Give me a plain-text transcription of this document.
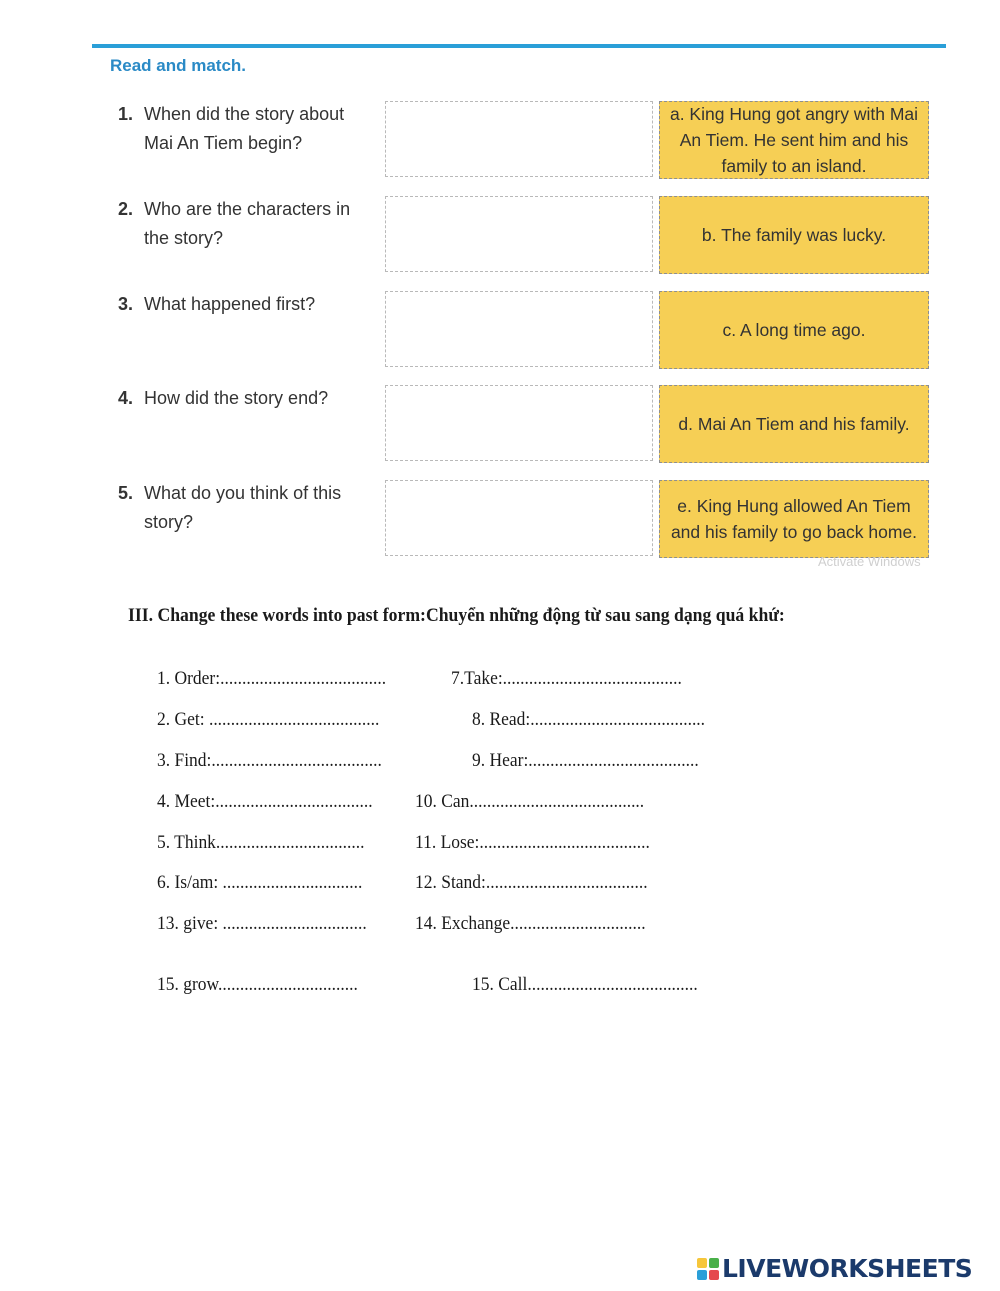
Read and match.
1. When did the story about Mai An Tiem begin?
2. Who are the characters in the story?
3. What happened first?
4. How did the story end?
5. What do you think of this story?
a. King Hung got angry with Mai An Tiem. He sent him and his family to an island.
b. The family was lucky.
c. A long time ago.
d. Mai An Tiem and his family.
e. King Hung allowed An Tiem and his family to go back home.
Activate Windows
III. Change these words into past form:Chuyển những động từ sau sang dạng quá khứ:
1. Order:......................................	7.Take:.........................................
2. Get: .......................................	8. Read:........................................
3. Find:.......................................	9. Hear:.......................................
4. Meet:.................................... 10. Can........................................
5. Think..................................	11. Lose:.......................................
6. Is/am: ................................	12. Stand:.....................................
13. give: .................................	14. Exchange...............................
15. grow................................	15. Call.......................................
LIVEWORKSHEETS
